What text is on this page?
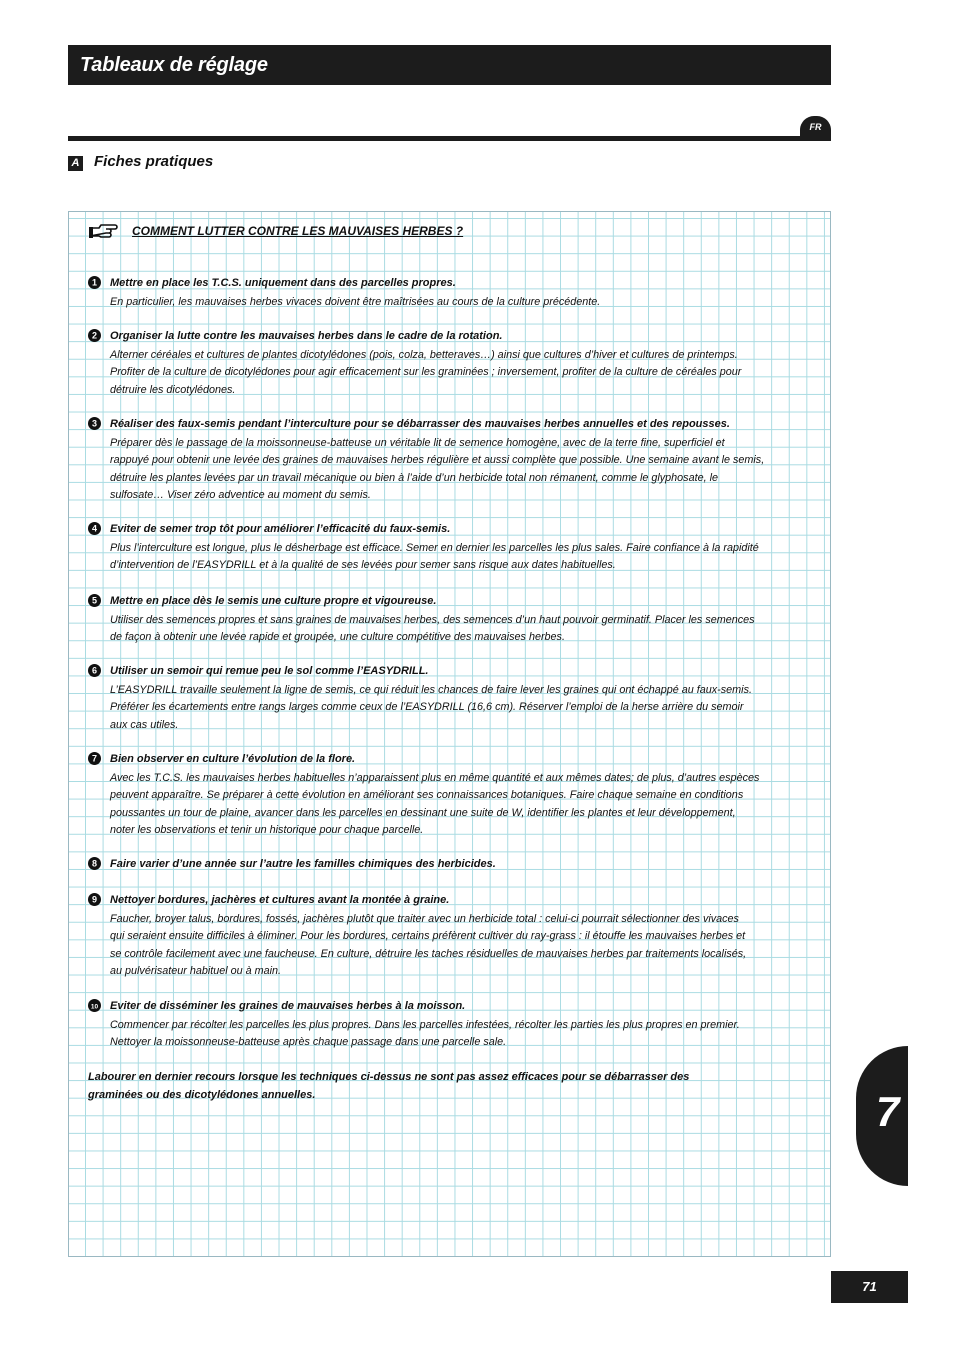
Tableaux de réglage
FR
A Fiches pratiques
COMMENT LUTTER CONTRE LES MAUVAISES HERBES ?
1 Mettre en place les T.C.S. uniquement dans des parcelles propres.
En particulier, les mauvaises herbes vivaces doivent être maîtrisées au cours de la culture précédente.
2 Organiser la lutte contre les mauvaises herbes dans le cadre de la rotation.
Alterner céréales et cultures de plantes dicotylédones (pois, colza, betteraves…) ainsi que cultures d’hiver et cultures de printemps.
Profiter de la culture de dicotylédones pour agir efficacement sur les graminées ; inversement, profiter de la culture de céréales pour
détruire les dicotylédones.
3 Réaliser des faux-semis pendant l’interculture pour se débarrasser des mauvaises herbes annuelles et des repousses.
Préparer dès le passage de la moissonneuse-batteuse un véritable lit de semence homogène, avec de la terre fine, superficiel et
rappuyé pour obtenir une levée des graines de mauvaises herbes régulière et aussi complète que possible. Une semaine avant le semis,
détruire les plantes levées par un travail mécanique ou bien à l’aide d’un herbicide total non rémanent, comme le glyphosate, le
sulfosate… Viser zéro adventice au moment du semis.
4 Eviter de semer trop tôt pour améliorer l’efficacité du faux-semis.
Plus l’interculture est longue, plus le désherbage est efficace. Semer en dernier les parcelles les plus sales. Faire confiance à la rapidité
d’intervention de l’EASYDRILL et à la qualité de ses levées pour semer sans risque aux dates habituelles.
5 Mettre en place dès le semis une culture propre et vigoureuse.
Utiliser des semences propres et sans graines de mauvaises herbes, des semences d’un haut pouvoir germinatif. Placer les semences
de façon à obtenir une levée rapide et groupée, une culture compétitive des mauvaises herbes.
6 Utiliser un semoir qui remue peu le sol comme l’EASYDRILL.
L’EASYDRILL travaille seulement la ligne de semis, ce qui réduit les chances de faire lever les graines qui ont échappé au faux-semis.
Préférer les écartements entre rangs larges comme ceux de l’EASYDRILL (16,6 cm). Réserver l’emploi de la herse arrière du semoir
aux cas utiles.
7 Bien observer en culture l’évolution de la flore.
Avec les T.C.S. les mauvaises herbes habituelles n’apparaissent plus en même quantité et aux mêmes dates; de plus, d’autres espèces
peuvent apparaître. Se préparer à cette évolution en améliorant ses connaissances botaniques. Faire chaque semaine en conditions
poussantes un tour de plaine, avancer dans les parcelles en dessinant une suite de W, identifier les plantes et leur développement,
noter les observations et tenir un historique pour chaque parcelle.
8 Faire varier d’une année sur l’autre les familles chimiques des herbicides.
9 Nettoyer bordures, jachères et cultures avant la montée à graine.
Faucher, broyer talus, bordures, fossés, jachères plutôt que traiter avec un herbicide total : celui-ci pourrait sélectionner des vivaces
qui seraient ensuite difficiles à éliminer. Pour les bordures, certains préfèrent cultiver du ray-grass : il étouffe les mauvaises herbes et
se contrôle facilement avec une faucheuse. En culture, détruire les taches résiduelles de mauvaises herbes par traitements localisés,
au pulvérisateur habituel ou à main.
10 Eviter de disséminer les graines de mauvaises herbes à la moisson.
Commencer par récolter les parcelles les plus propres. Dans les parcelles infestées, récolter les parties les plus propres en premier.
Nettoyer la moissonneuse-batteuse après chaque passage dans une parcelle sale.
Labourer en dernier recours lorsque les techniques ci-dessus ne sont pas assez efficaces pour se débarrasser des
graminées ou des dicotylédones annuelles.	7
71
